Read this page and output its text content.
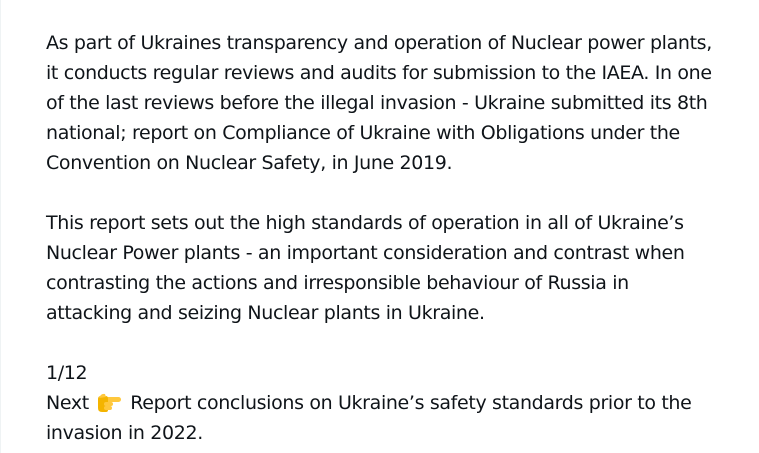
As part of Ukraines transparency and operation of Nuclear power plants,
it conducts regular reviews and audits for submission to the IAEA. In one
of the last reviews before the illegal invasion - Ukraine submitted its 8th
national; report on Compliance of Ukraine with Obligations under the
Convention on Nuclear Safety, in June 2019.
This report sets out the high standards of operation in all of Ukraine’s
Nuclear Power plants - an important consideration and contrast when
contrasting the actions and irresponsible behaviour of Russia in
attacking and seizing Nuclear plants in Ukraine.
1/12
Next Report conclusions on Ukraine’s safety standards prior to the
invasion in 2022.
